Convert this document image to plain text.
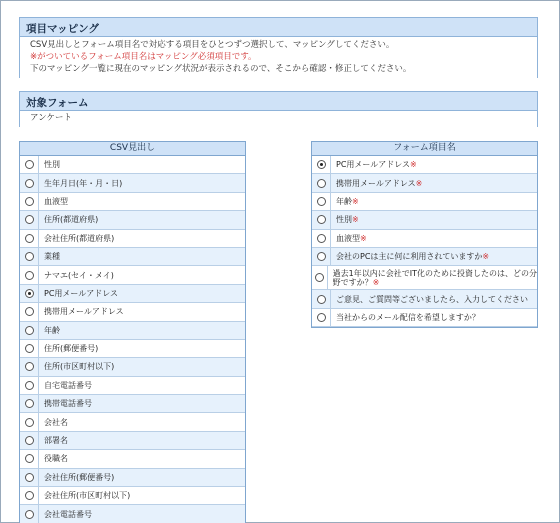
項目マッピング
CSV見出しとフォーム項目名で対応する項目をひとつずつ選択して、マッピングしてください。
※がついているフォーム項目名はマッピング必須項目です。
下のマッピング一覧に現在のマッピング状況が表示されるので、そこから確認・修正してください。
対象フォーム
アンケート
CSV見出し
性別
生年月日(年・月・日)
血液型
住所(都道府県)
会社住所(都道府県)
業種
ナマエ(セイ・メイ)
PC用メールアドレス
携帯用メールアドレス
年齢
住所(郵便番号)
住所(市区町村以下)
自宅電話番号
携帯電話番号
会社名
部署名
役職名
会社住所(郵便番号)
会社住所(市区町村以下)
会社電話番号
フォーム項目名
PC用メールアドレス※
携帯用メールアドレス※
年齢※
性別※
血液型※
会社のPCは主に何に利用されていますか※
過去1年以内に会社でIT化のために投資したのは、どの分野ですか？※
ご意見、ご質問等ございましたら、入力してください
当社からのメール配信を希望しますか？
